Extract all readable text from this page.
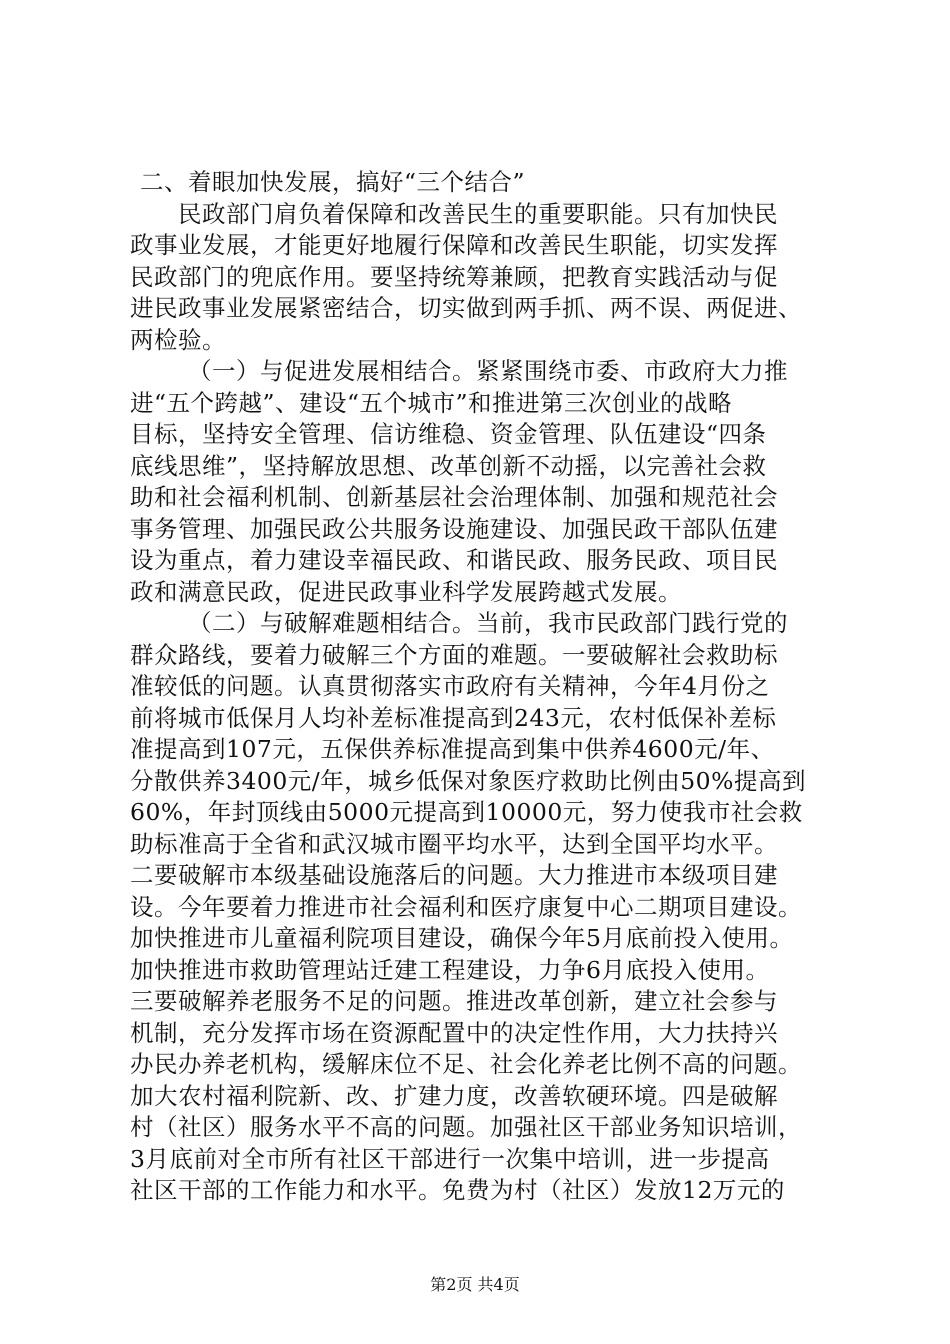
二、着眼加快发展，搞好“三个结合”
民政部门肩负着保障和改善民生的重要职能。只有加快民
政事业发展，才能更好地履行保障和改善民生职能，切实发挥
民政部门的兜底作用。要坚持统筹兼顾，把教育实践活动与促
进民政事业发展紧密结合，切实做到两手抓、两不误、两促进、
两检验。
（一）与促进发展相结合。紧紧围绕市委、市政府大力推
进“五个跨越”、建设“五个城市”和推进第三次创业的战略
目标，坚持安全管理、信访维稳、资金管理、队伍建设“四条
底线思维”，坚持解放思想、改革创新不动摇，以完善社会救
助和社会福利机制、创新基层社会治理体制、加强和规范社会
事务管理、加强民政公共服务设施建设、加强民政干部队伍建
设为重点，着力建设幸福民政、和谐民政、服务民政、项目民
政和满意民政，促进民政事业科学发展跨越式发展。
（二）与破解难题相结合。当前，我市民政部门践行党的
群众路线，要着力破解三个方面的难题。一要破解社会救助标
准较低的问题。认真贯彻落实市政府有关精神，今年4月份之
前将城市低保月人均补差标准提高到243元，农村低保补差标
准提高到107元，五保供养标准提高到集中供养4600元/年、
分散供养3400元/年，城乡低保对象医疗救助比例由50%提高到
60%，年封顶线由5000元提高到10000元，努力使我市社会救
助标准高于全省和武汉城市圈平均水平，达到全国平均水平。
二要破解市本级基础设施落后的问题。大力推进市本级项目建
设。今年要着力推进市社会福利和医疗康复中心二期项目建设。
加快推进市儿童福利院项目建设，确保今年5月底前投入使用。
加快推进市救助管理站迁建工程建设，力争6月底投入使用。
三要破解养老服务不足的问题。推进改革创新，建立社会参与
机制，充分发挥市场在资源配置中的决定性作用，大力扶持兴
办民办养老机构，缓解床位不足、社会化养老比例不高的问题。
加大农村福利院新、改、扩建力度，改善软硬环境。四是破解
村（社区）服务水平不高的问题。加强社区干部业务知识培训，
3月底前对全市所有社区干部进行一次集中培训，进一步提高
社区干部的工作能力和水平。免费为村（社区）发放12万元的
第2页 共4页
